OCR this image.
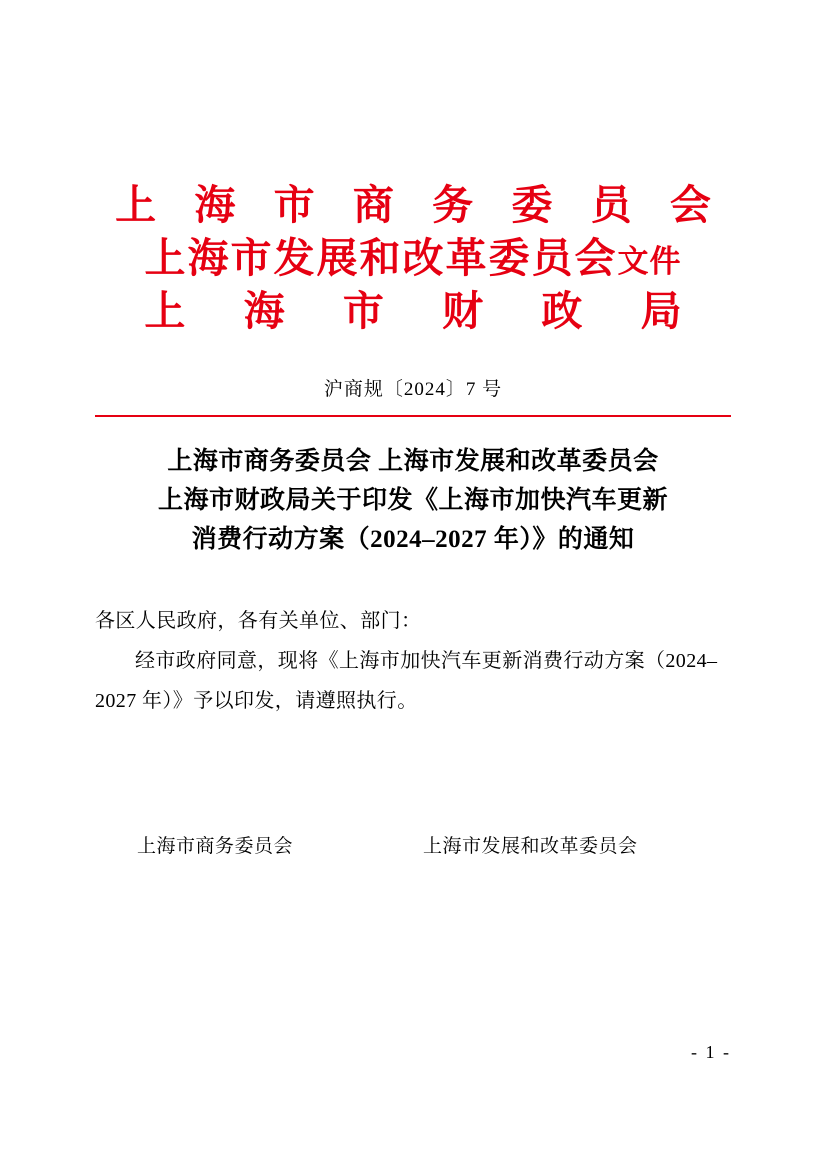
上 海 市 商 务 委 员 会
上海市发展和改革委员会文件
上 海 市 财 政 局
沪商规〔2024〕7 号
上海市商务委员会 上海市发展和改革委员会
上海市财政局关于印发《上海市加快汽车更新
消费行动方案（2024–2027 年）》的通知
各区人民政府，各有关单位、部门：
经市政府同意，现将《上海市加快汽车更新消费行动方案（2024–2027 年）》予以印发，请遵照执行。
上海市商务委员会	上海市发展和改革委员会
- 1 -
